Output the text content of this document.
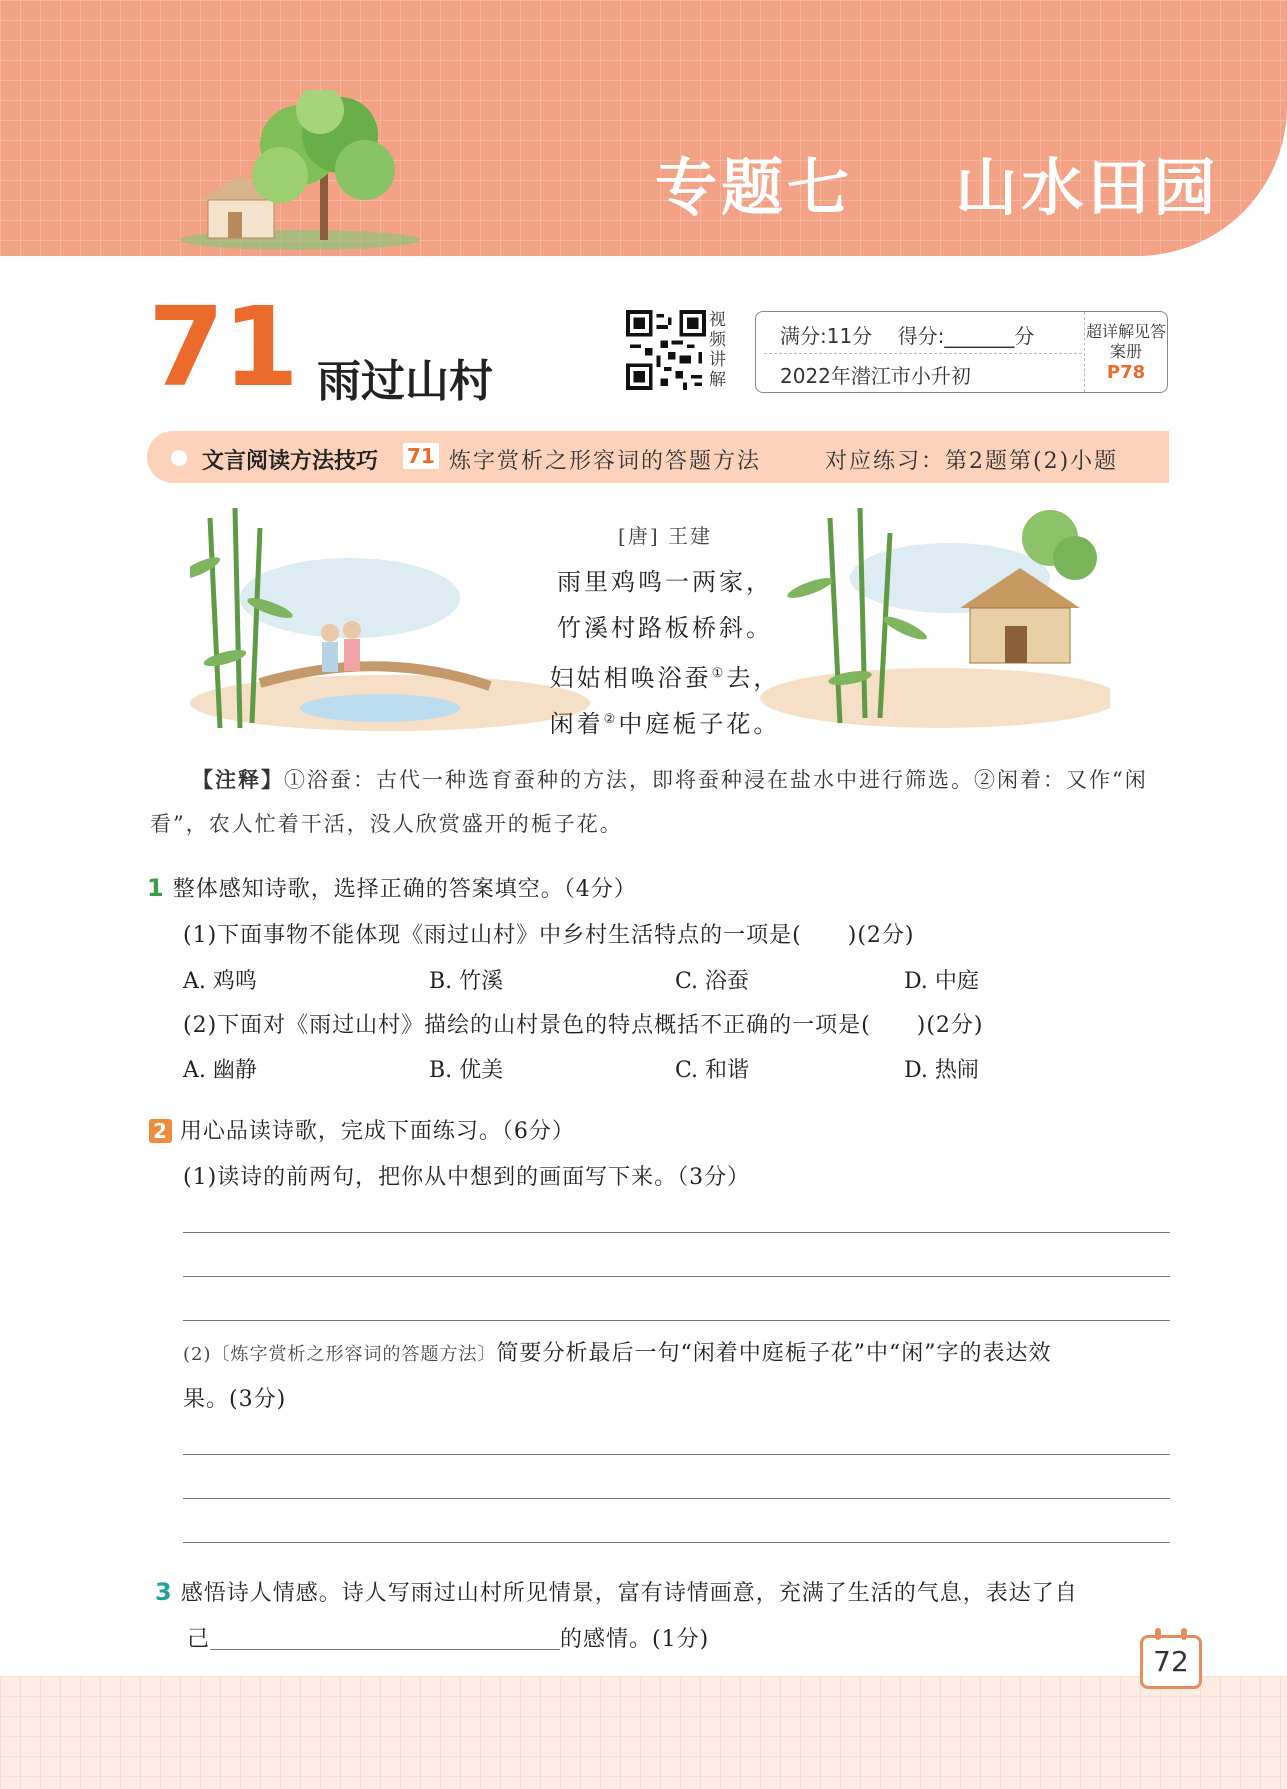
专题七    山水田园
71 雨过山村
视频讲解
满分:11分    得分:_______分
2022年潜江市小升初
超详解见答案册
P78
文言阅读方法技巧 71 炼字赏析之形容词的答题方法	对应练习：第2题第(2)小题
[唐] 王建
雨里鸡鸣一两家，
竹溪村路板桥斜。
妇姑相唤浴蚕①去，
闲着②中庭栀子花。
【注释】①浴蚕：古代一种选育蚕种的方法，即将蚕种浸在盐水中进行筛选。②闲着：又作“闲看”，农人忙着干活，没人欣赏盛开的栀子花。
1 整体感知诗歌，选择正确的答案填空。（4分）
(1)下面事物不能体现《雨过山村》中乡村生活特点的一项是(　　)(2分)
A. 鸡鸣	B. 竹溪	C. 浴蚕	D. 中庭
(2)下面对《雨过山村》描绘的山村景色的特点概括不正确的一项是(　　)(2分)
A. 幽静	B. 优美	C. 和谐	D. 热闹
2 用心品读诗歌，完成下面练习。（6分）
(1)读诗的前两句，把你从中想到的画面写下来。（3分）
(2)〔炼字赏析之形容词的答题方法〕简要分析最后一句“闲着中庭栀子花”中“闲”字的表达效
果。(3分)
3 感悟诗人情感。诗人写雨过山村所见情景，富有诗情画意，充满了生活的气息，表达了自
己	的感情。(1分)
72
